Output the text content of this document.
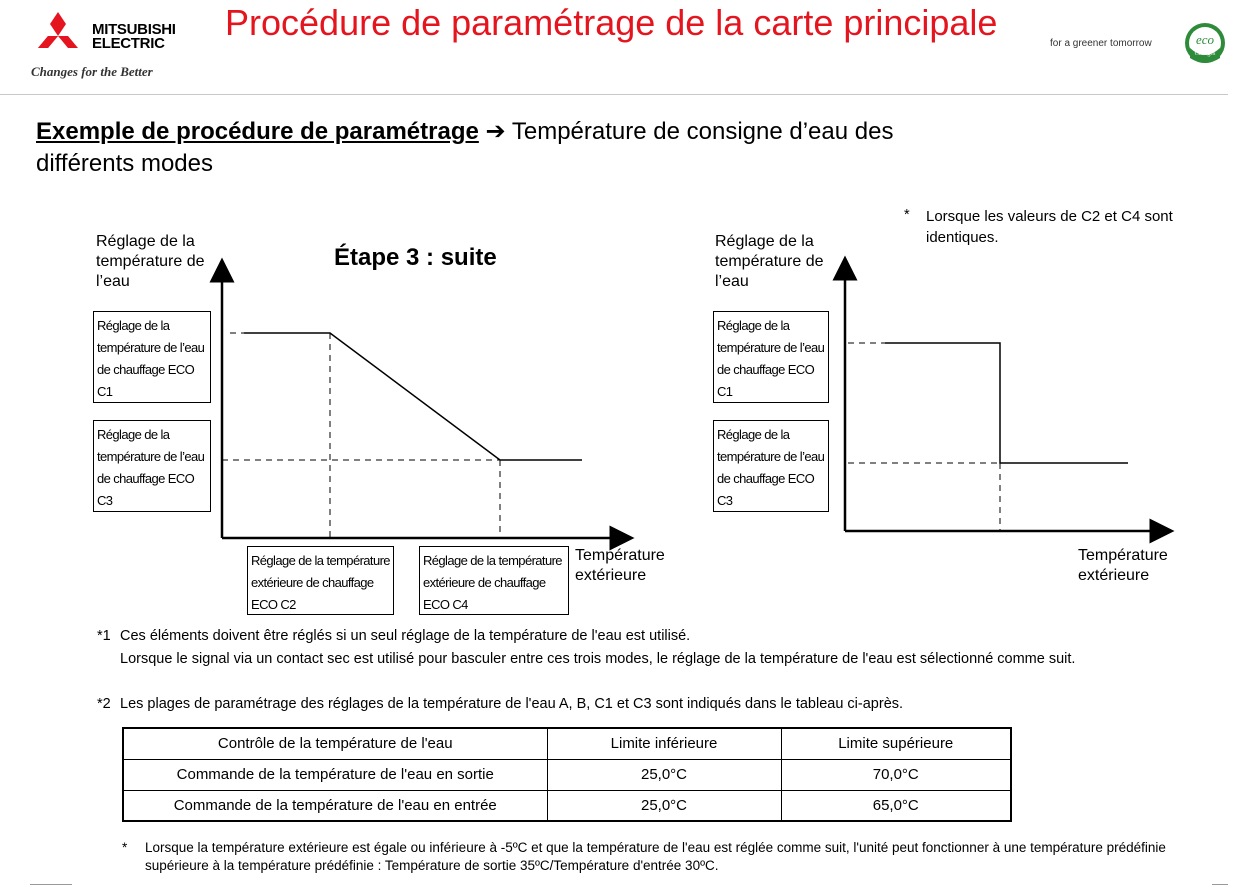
MITSUBISHI
ELECTRIC
Changes for the Better
Procédure de paramétrage de la carte principale
for a greener tomorrow	eco
Changes
Exemple de procédure de paramétrage ➔ Température de consigne d’eau des différents modes
Étape 3 : suite
Réglage de la température de l’eau
Réglage de la température de l’eau de chauffage ECO C1
Réglage de la température de l’eau de chauffage ECO C3
Réglage de la température extérieure de chauffage ECO C2
Réglage de la température extérieure de chauffage ECO C4
Température extérieure
* Lorsque les valeurs de C2 et C4 sont identiques.
Réglage de la température de l’eau
Réglage de la température de l’eau de chauffage ECO C1
Réglage de la température de l’eau de chauffage ECO C3
Température extérieure
*1 Ces éléments doivent être réglés si un seul réglage de la température de l'eau est utilisé.
Lorsque le signal via un contact sec est utilisé pour basculer entre ces trois modes, le réglage de la température de l'eau est sélectionné comme suit.
*2 Les plages de paramétrage des réglages de la température de l'eau A, B, C1 et C3 sont indiqués dans le tableau ci-après.
Contrôle de la température de l'eau	Limite inférieure	Limite supérieure
Commande de la température de l'eau en sortie	25,0°C	70,0°C
Commande de la température de l'eau en entrée	25,0°C	65,0°C
* Lorsque la température extérieure est égale ou inférieure à -5ºC et que la température de l'eau est réglée comme suit, l'unité peut fonctionner à une température prédéfinie supérieure à la température prédéfinie : Température de sortie 35ºC/Température d'entrée 30ºC.
